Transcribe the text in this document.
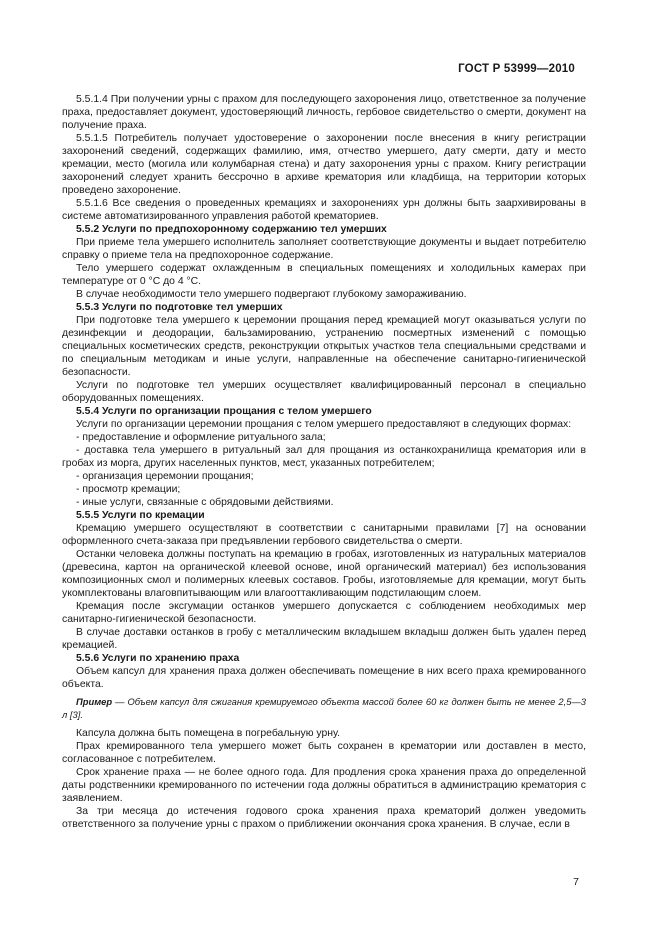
ГОСТ Р 53999—2010

5.5.1.4 При получении урны с прахом для последующего захоронения лицо, ответственное за получение праха, предоставляет документ, удостоверяющий личность, гербовое свидетельство о смерти, документ на получение праха.

5.5.1.5 Потребитель получает удостоверение о захоронении после внесения в книгу регистрации захоронений сведений, содержащих фамилию, имя, отчество умершего, дату смерти, дату и место кремации, место (могила или колумбарная стена) и дату захоронения урны с прахом. Книгу регистрации захоронений следует хранить бессрочно в архиве крематория или кладбища, на территории которых проведено захоронение.

5.5.1.6 Все сведения о проведенных кремациях и захоронениях урн должны быть заархивированы в системе автоматизированного управления работой крематориев.

5.5.2 Услуги по предпохоронному содержанию тел умерших

При приеме тела умершего исполнитель заполняет соответствующие документы и выдает потребителю справку о приеме тела на предпохоронное содержание.

Тело умершего содержат охлажденным в специальных помещениях и холодильных камерах при температуре от 0 °С до 4 °С.

В случае необходимости тело умершего подвергают глубокому замораживанию.

5.5.3 Услуги по подготовке тел умерших

При подготовке тела умершего к церемонии прощания перед кремацией могут оказываться услуги по дезинфекции и деодорации, бальзамированию, устранению посмертных изменений с помощью специальных косметических средств, реконструкции открытых участков тела специальными средствами и по специальным методикам и иные услуги, направленные на обеспечение санитарно-гигиенической безопасности.

Услуги по подготовке тел умерших осуществляет квалифицированный персонал в специально оборудованных помещениях.

5.5.4 Услуги по организации прощания с телом умершего

Услуги по организации церемонии прощания с телом умершего предоставляют в следующих формах:

- предоставление и оформление ритуального зала;

- доставка тела умершего в ритуальный зал для прощания из останкохранилища крематория или в гробах из морга, других населенных пунктов, мест, указанных потребителем;

- организация церемонии прощания;

- просмотр кремации;

- иные услуги, связанные с обрядовыми действиями.

5.5.5 Услуги по кремации

Кремацию умершего осуществляют в соответствии с санитарными правилами [7] на основании оформленного счета-заказа при предъявлении гербового свидетельства о смерти.

Останки человека должны поступать на кремацию в гробах, изготовленных из натуральных материалов (древесина, картон на органической клеевой основе, иной органический материал) без использования композиционных смол и полимерных клеевых составов. Гробы, изготовляемые для кремации, могут быть укомплектованы влаговпитывающим или влагооттакливающим подстилающим слоем.

Кремация после эксгумации останков умершего допускается с соблюдением необходимых мер санитарно-гигиенической безопасности.

В случае доставки останков в гробу с металлическим вкладышем вкладыш должен быть удален перед кремацией.

5.5.6 Услуги по хранению праха

Объем капсул для хранения праха должен обеспечивать помещение в них всего праха кремированного объекта.

Пример — Объем капсул для сжигания кремируемого объекта массой более 60 кг должен быть не менее 2,5—3 л [3].

Капсула должна быть помещена в погребальную урну.

Прах кремированного тела умершего может быть сохранен в крематории или доставлен в место, согласованное с потребителем.

Срок хранение праха — не более одного года. Для продления срока хранения праха до определенной даты родственники кремированного по истечении года должны обратиться в администрацию крематория с заявлением.

За три месяца до истечения годового срока хранения праха крематорий должен уведомить ответственного за получение урны с прахом о приближении окончания срока хранения. В случае, если в

7
